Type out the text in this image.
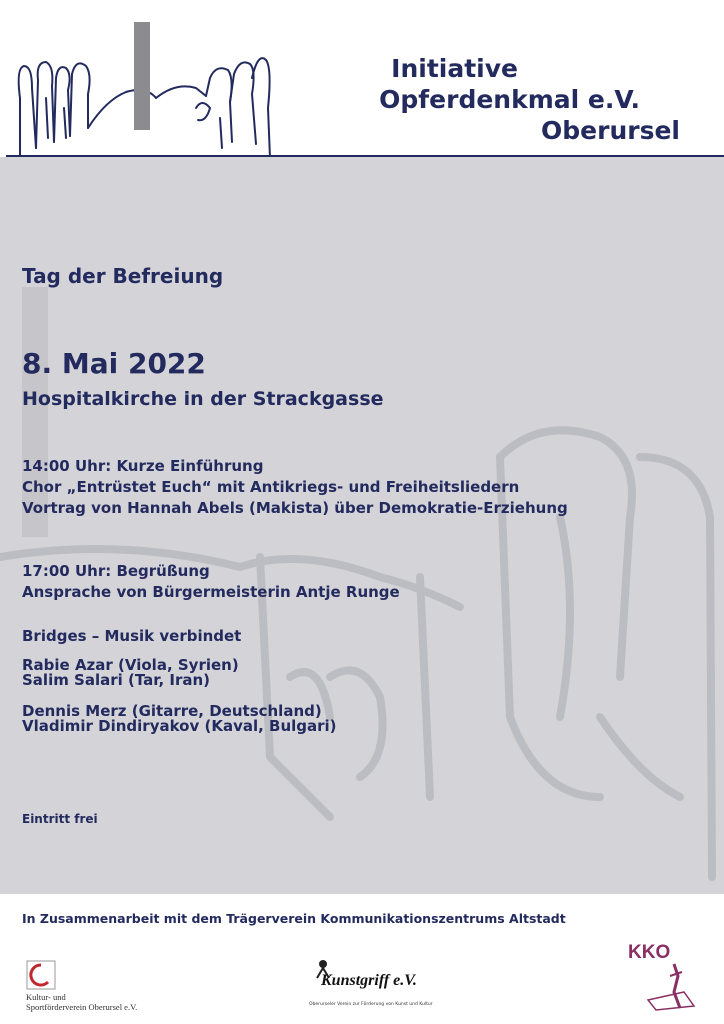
Initiative
Opferdenkmal e.V.
Oberursel
Tag der Befreiung
8. Mai 2022
Hospitalkirche in der Strackgasse
14:00 Uhr: Kurze Einführung
Chor „Entrüstet Euch“ mit Antikriegs- und Freiheitsliedern
Vortrag von Hannah Abels (Makista) über Demokratie-Erziehung
17:00 Uhr: Begrüßung
Ansprache von Bürgermeisterin Antje Runge
Bridges – Musik verbindet
Rabie Azar (Viola, Syrien)
Salim Salari (Tar, Iran)
Dennis Merz (Gitarre, Deutschland)
Vladimir Dindiryakov (Kaval, Bulgari)
Eintritt frei
In Zusammenarbeit mit dem Trägerverein Kommunikationszentrums Altstadt
Kultur- und
Sportförderverein Oberursel e.V.
Kunstgriff e.V.
Oberurseler Verein zur Förderung von Kunst und Kultur
KKO
